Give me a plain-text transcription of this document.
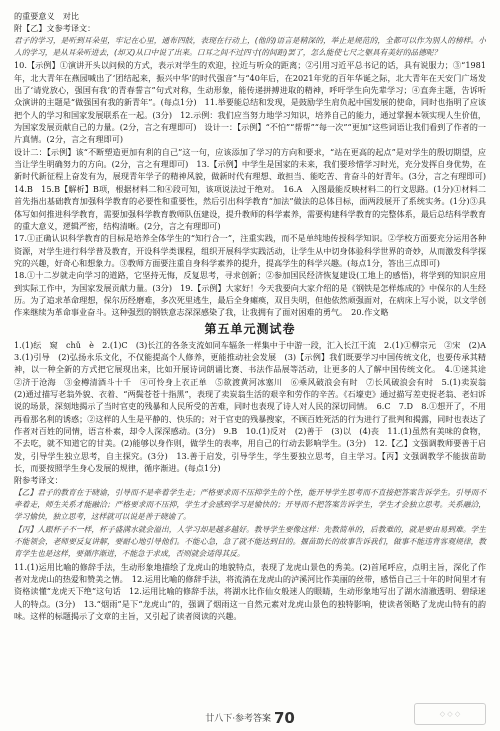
的重要意义　对比

附【乙】文参考译文：

君子的学习，是听到耳朵里，牢记在心里，通布四肢，表现在行动上，(他的)语言是精深的，举止是规范的，全都可以作为别人的榜样。小人的学习，是从耳朵听进去，(却又)从口中说了出来。口耳之间不过四寸(的间距)罢了，怎么能使七尺之躯具有美好的品德呢？

10.【示例】①演讲开头以问候的方式，表示对学生的欢迎，拉近与听众的距离；②引用习近平总书记的话，具有说服力；③“1981年，北大青年在燕园喊出了‘团结起来，振兴中华’的时代强音”与“40年后，在2021年党的百年华诞之际，北大青年在天安门广场发出了‘请党放心，强国有我’的青春誓言”句式对称，生动形象，能传递拼搏进取的精神，呼吁学生向先辈学习；④直奔主题，告诉听众演讲的主题是“做强国有我的新青年”。(每点1分)　11.举要能总结和发现，是鼓励学生肩负起中国发展的使命，同时也指明了应该把个人的学习和国家发展联系在一起。(3分)　12.示例：我们应当努力地学习知识，培养自己的能力，通过掌握本领实现人生价值，为国家发展贡献自己的力量。(2分，言之有理即可)　设计一：【示例】“不怕”“帮帮”“每一次”“更加”这些词语让我们看到了作者的一片真情。(2分，言之有理即可)

设计二：【示例】该“不断塑造更加有利的自己”这一句，应该添加了学习的方向和要求，“站在更高的起点”是对学生的殷切期望，应当让学生明确努力的方向。(2分，言之有理即可)　13.【示例】中学生是国家的未来，我们要珍惜学习时光，充分发挥自身优势，在新时代新征程上奋发有为，展现青年学子的精神风貌，做新时代有理想、敢担当、能吃苦、肯奋斗的好青年。(3分，言之有理即可)　14.B　15.B【解析】B项，根据材料二和④段可知，该项说法过于绝对。　16.A　入图最能反映材料二的行文思路。(1分)①材料二首先指出基础教育加强科学教育的必要性和重要性，然后引出科学教育“加法”做法的总体目标，面两段展开了系统实务。(1分)③具体写如何推进科学教育，需要加强科学教育教师队伍建设，提升教师的科学素养，需要构建科学教育的完整体系，最后总结科学教育的重大意义，逻辑严密，结构清晰。(2分，言之有理即可)

17.①正确认识科学教育的目标是培养全体学生的“知行合一”，注重实践，而不是单纯地传授科学知识。②学校方面要充分运用各种资源，对学生进行科学普及教育，开设科学类课程，组织开展科学实践活动，让学生从中切身体验科学世界的奇妙，从而激发科学探究的兴趣，好奇心和想象力。③教师方面要注重自身科学素养的提升，提高学生的科学兴趣。(每点1分，答出三点即可)

18.①十二岁就走向学习的道路，它坚持无悔，反复思考，寻求创新；②参加国民经济恢复建设(工地上的感悟)，将学到的知识应用到实际工作中，为国家发展贡献力量。(3分)　19.【示例】大家好！今天我要向大家介绍的是《钢铁是怎样炼成的》中保尔的人生经历。为了追求革命理想，保尔历经磨难，多次死里逃生，最后全身瘫痪，双目失明，但他依然顽强面对，在病床上写小说，以文学创作来继续为革命事业奋斗。这种强烈的钢铁意志深深感染了我，让我拥有了面对困难的勇气。　20.作文略

第五单元测试卷

1.(1)纭　窥　chǔ　è　2.(1)C　(3)长江的各条支流如同车辐条一样集中于中游一段，汇入长江干流　2.(1)①柳宗元　②宋　(2)A　3.(1)引导　(2)弘扬永乐文化，不仅能提高个人修养，更能推动社会发展　(3)【示例】我们既要学习中国传统文化，也要传承其精神，以一种全新的方式把它展现出来，比如开展诗词朗诵比赛、书法作品展等活动，让更多的人了解中国传统文化。　4.①迷其途　②济于沧海　③金樽清酒斗十千　④可怜身上衣正单　⑤欲渡黄河冰塞川　⑥乘风破浪会有时　⑦长风破浪会有时　5.(1)卖炭翁　(2)通过描写老翁外貌、衣着、“两鬓苍苍十指黑”，表现了卖炭翁生活的艰辛和劳作的辛苦。《石壕吏》通过描写差吏捉老翁、老妇诉说的场景，深刻地揭示了当时官吏的残暴和人民所受的苦难，同时也表现了诗人对人民的深切同情。　6.C　7.D　8.①想开了，不用再看那名利的诱惑；②这样的人生是平静的、快乐的；对于官吏的残暴搜家，不顾百姓死活的行为进行了批判和揭露，同时也表达了作者对百姓的同情，语言朴素，却令人深深感动。(3分)　9.B　10.(1)反对　(2)善于　(3)以　(4)丧　11.(1)虽然有美味的食物，不去吃，就不知道它的甘美。(2)能够以身作则，做学生的表率，用自己的行动去影响学生。(3分)　12.【乙】文强调教师要善于启发，引导学生独立思考，自主探究。(3分)　13.善于启发，引导学生，学生要独立思考，自主学习。【丙】文强调教学不能拔苗助长，而要按照学生身心发展的规律，循序渐进。(每点1分)

附参考译文：

【乙】君子的教育在于晓谕，引导而不是牵着学生走；严格要求而不压抑学生的个性，能开导学生思考而不直接把答案告诉学生。引导而不牵着走，师生关系才能融洽；严格要求而不压抑，学生才会感到学习是愉快的；开导而不把答案告诉学生，学生才会独立思考。关系融洽，学习愉快，独立思考，这样就可以说是善于晓谕了。

【丙】人跟杯子不一样，杯子盛满水就会溢出，人学习却是越多越好。教导学生要像这样：先教简单的，后教难的，就是要由易到难。学生不能领会，老师要反复讲解，要耐心地引导他们。不能心急，急了就不能达到目的。揠苗助长的故事告诉我们，做事不能违背客观规律，教育学生也是这样，要循序渐进，不能急于求成，否则就会适得其反。

11.(1)运用比喻的修辞手法，生动形象地描绘了龙虎山的地貌特点，表现了龙虎山景色的秀美。(2)首尾呼应，点明主旨，深化了作者对龙虎山的热爱和赞美之情。　12.运用比喻的修辞手法，将流淌在龙虎山的泸溪河比作美丽的丝带，感悟自己三十年的时间里才有资格读懂“龙虎天下绝”这句话　12.运用比喻的修辞手法，将湖水比作仙女般迷人的眼睛，生动形象地写出了湖水清澈透明、碧绿迷人的特点。(3分)　13.“烟雨”是下“龙虎山”的，强调了烟雨这一自然元素对龙虎山景色的独特影响，使读者领略了龙虎山特有的韵味。这样的标题揭示了文章的主旨，又引起了读者阅读的兴趣。

◇ ◇ ◇
廿八下·参考答案 70
